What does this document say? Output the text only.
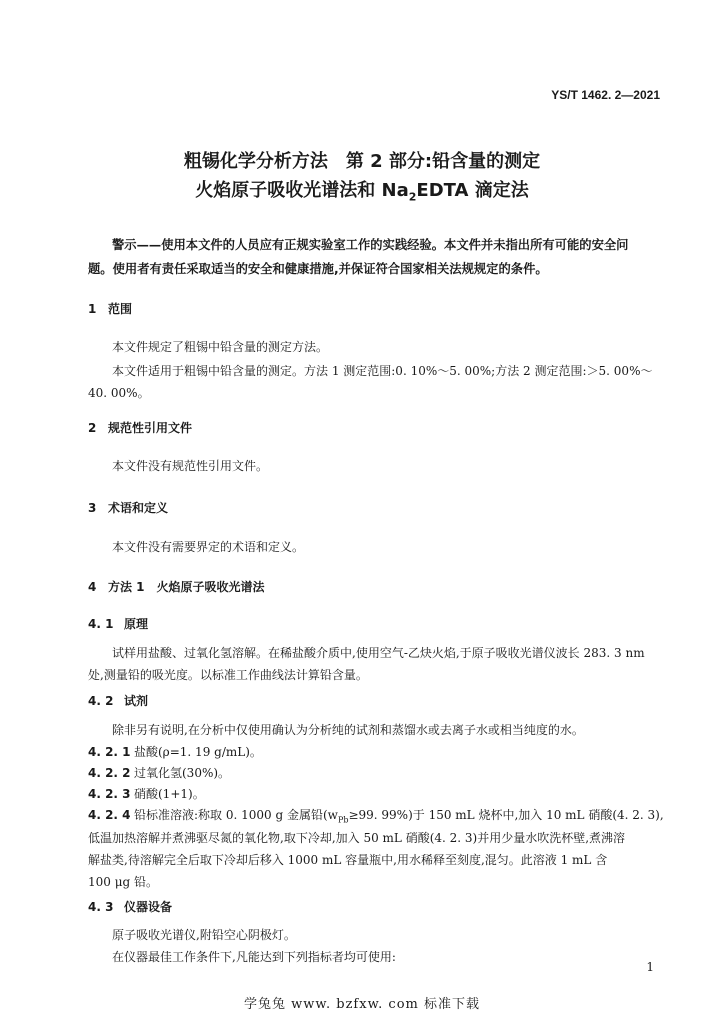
YS/T 1462. 2—2021
粗锡化学分析方法　第 2 部分:铅含量的测定
火焰原子吸收光谱法和 $Na_2EDTA$ 滴定法
警示——使用本文件的人员应有正规实验室工作的实践经验。本文件并未指出所有可能的安全问
题。使用者有责任采取适当的安全和健康措施,并保证符合国家相关法规规定的条件。
1 范围
本文件规定了粗锡中铅含量的测定方法。
本文件适用于粗锡中铅含量的测定。方法 1 测定范围:0. 10%～5. 00%;方法 2 测定范围:＞5. 00%～
40. 00%。
2 规范性引用文件
本文件没有规范性引用文件。
3 术语和定义
本文件没有需要界定的术语和定义。
4 方法 1　火焰原子吸收光谱法
4. 1 原理
试样用盐酸、过氧化氢溶解。在稀盐酸介质中,使用空气-乙炔火焰,于原子吸收光谱仪波长 283. 3 nm
处,测量铅的吸光度。以标准工作曲线法计算铅含量。
4. 2 试剂
除非另有说明,在分析中仅使用确认为分析纯的试剂和蒸馏水或去离子水或相当纯度的水。
4. 2. 1 盐酸(ρ=1. 19 g/mL)。
4. 2. 2 过氧化氢(30%)。
4. 2. 3 硝酸(1+1)。
4. 2. 4 铅标准溶液:称取 0. 1000 g 金属铅($w_{Pb}\ge 99$. 99%)于 150 mL 烧杯中,加入 10 mL 硝酸(4. 2. 3),
低温加热溶解并煮沸驱尽氮的氧化物,取下冷却,加入 50 mL 硝酸(4. 2. 3)并用少量水吹洗杯壁,煮沸溶
解盐类,待溶解完全后取下冷却后移入 1000 mL 容量瓶中,用水稀释至刻度,混匀。此溶液 1 mL 含
100 μg 铅。
4. 3 仪器设备
原子吸收光谱仪,附铅空心阴极灯。
在仪器最佳工作条件下,凡能达到下列指标者均可使用:
1
学兔兔 www. bzfxw. com 标准下载
